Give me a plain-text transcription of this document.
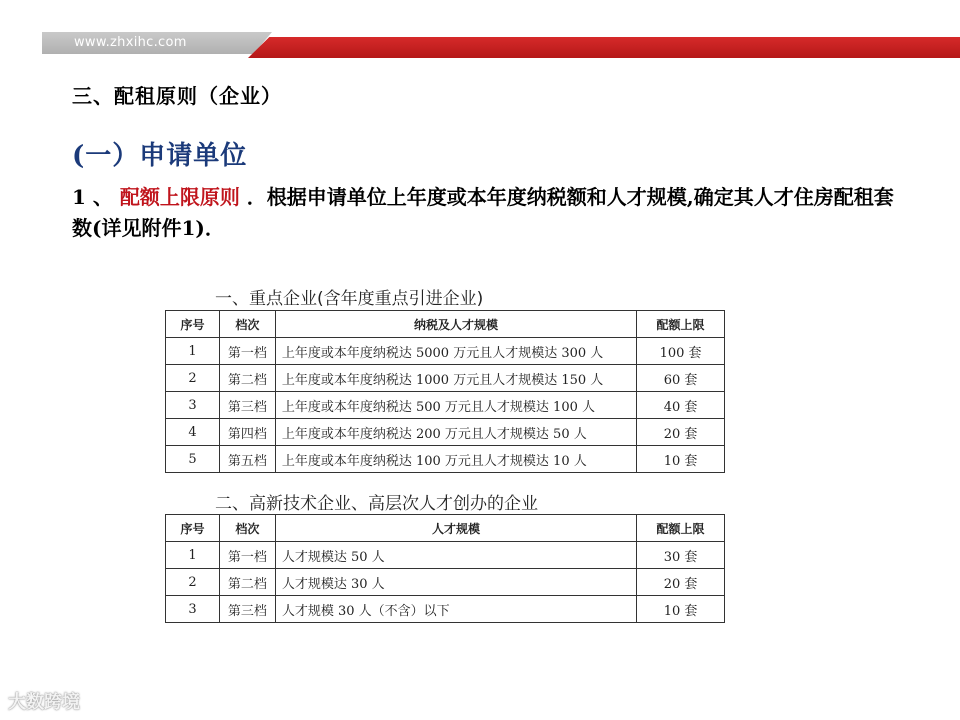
www.zhxihc.com
三、配租原则（企业）
(一）申请单位
1 、 配额上限原则 ．根据申请单位上年度或本年度纳税额和人才规模,确定其人才住房配租套数(详见附件1)．
一、重点企业(含年度重点引进企业)
序号	档次	纳税及人才规模	配额上限
1	第一档	上年度或本年度纳税达 5000 万元且人才规模达 300 人	100 套
2	第二档	上年度或本年度纳税达 1000 万元且人才规模达 150 人	60 套
3	第三档	上年度或本年度纳税达 500 万元且人才规模达 100 人	40 套
4	第四档	上年度或本年度纳税达 200 万元且人才规模达 50 人	20 套
5	第五档	上年度或本年度纳税达 100 万元且人才规模达 10 人	10 套
二、高新技术企业、高层次人才创办的企业
序号	档次	人才规模	配额上限
1	第一档	人才规模达 50 人	30 套
2	第二档	人才规模达 30 人	20 套
3	第三档	人才规模 30 人（不含）以下	10 套
大数跨境
